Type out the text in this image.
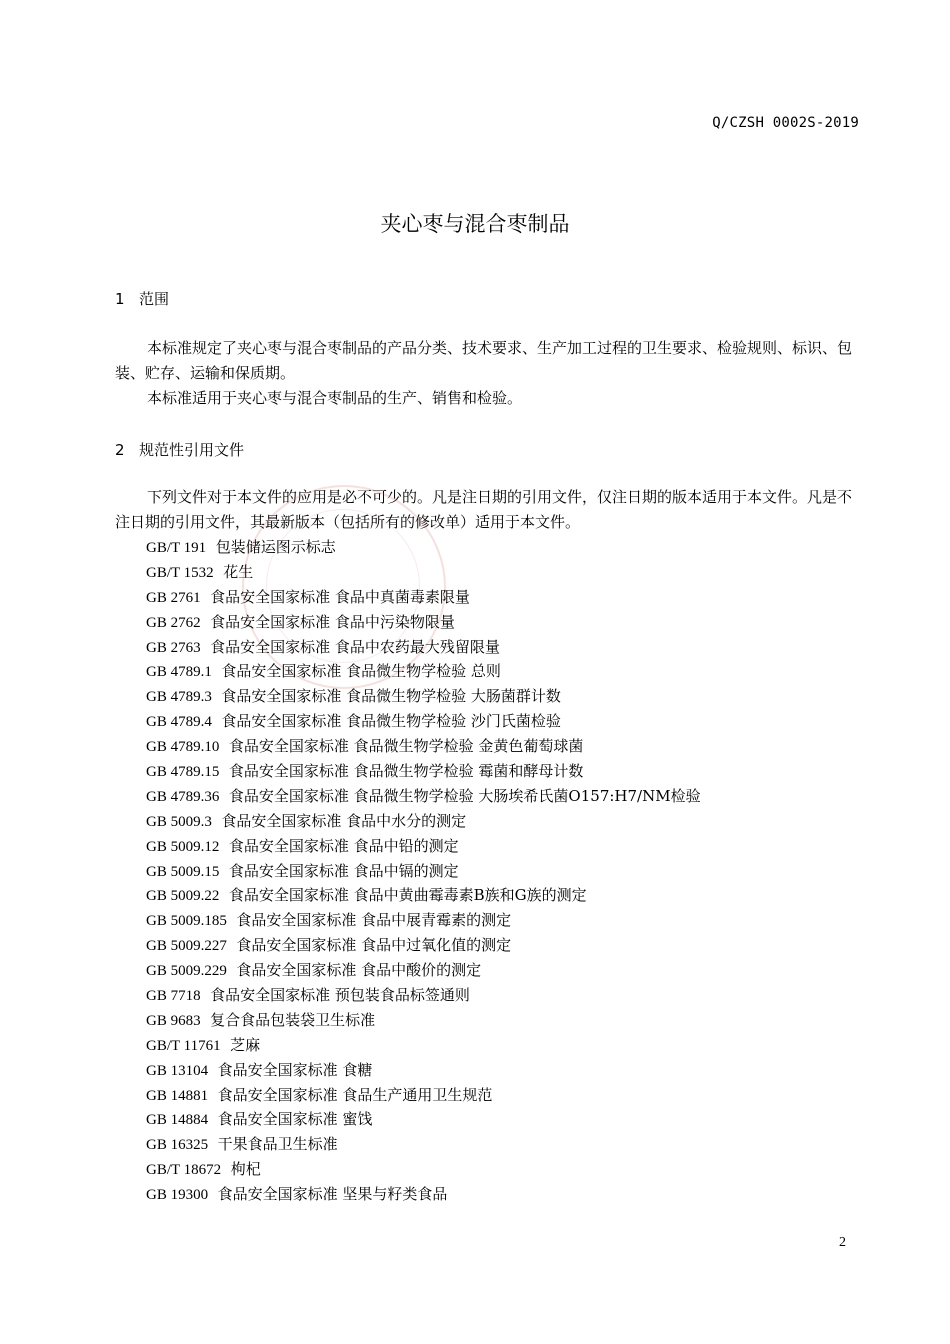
Q/CZSH 0002S-2019
夹心枣与混合枣制品
1 范围

本标准规定了夹心枣与混合枣制品的产品分类、技术要求、生产加工过程的卫生要求、检验规则、标识、包装、贮存、运输和保质期。

本标准适用于夹心枣与混合枣制品的生产、销售和检验。

2 规范性引用文件

下列文件对于本文件的应用是必不可少的。凡是注日期的引用文件，仅注日期的版本适用于本文件。凡是不注日期的引用文件，其最新版本（包括所有的修改单）适用于本文件。

GB/T 191 包装储运图示标志
GB/T 1532 花生
GB 2761 食品安全国家标准 食品中真菌毒素限量
GB 2762 食品安全国家标准 食品中污染物限量
GB 2763 食品安全国家标准 食品中农药最大残留限量
GB 4789.1 食品安全国家标准 食品微生物学检验 总则
GB 4789.3 食品安全国家标准 食品微生物学检验 大肠菌群计数
GB 4789.4 食品安全国家标准 食品微生物学检验 沙门氏菌检验
GB 4789.10 食品安全国家标准 食品微生物学检验 金黄色葡萄球菌
GB 4789.15 食品安全国家标准 食品微生物学检验 霉菌和酵母计数
GB 4789.36 食品安全国家标准 食品微生物学检验 大肠埃希氏菌O157:H7/NM检验
GB 5009.3 食品安全国家标准 食品中水分的测定
GB 5009.12 食品安全国家标准 食品中铅的测定
GB 5009.15 食品安全国家标准 食品中镉的测定
GB 5009.22 食品安全国家标准 食品中黄曲霉毒素B族和G族的测定
GB 5009.185 食品安全国家标准 食品中展青霉素的测定
GB 5009.227 食品安全国家标准 食品中过氧化值的测定
GB 5009.229 食品安全国家标准 食品中酸价的测定
GB 7718 食品安全国家标准 预包装食品标签通则
GB 9683 复合食品包装袋卫生标准
GB/T 11761 芝麻
GB 13104 食品安全国家标准 食糖
GB 14881 食品安全国家标准 食品生产通用卫生规范
GB 14884 食品安全国家标准 蜜饯
GB 16325 干果食品卫生标准
GB/T 18672 枸杞
GB 19300 食品安全国家标准 坚果与籽类食品
2
